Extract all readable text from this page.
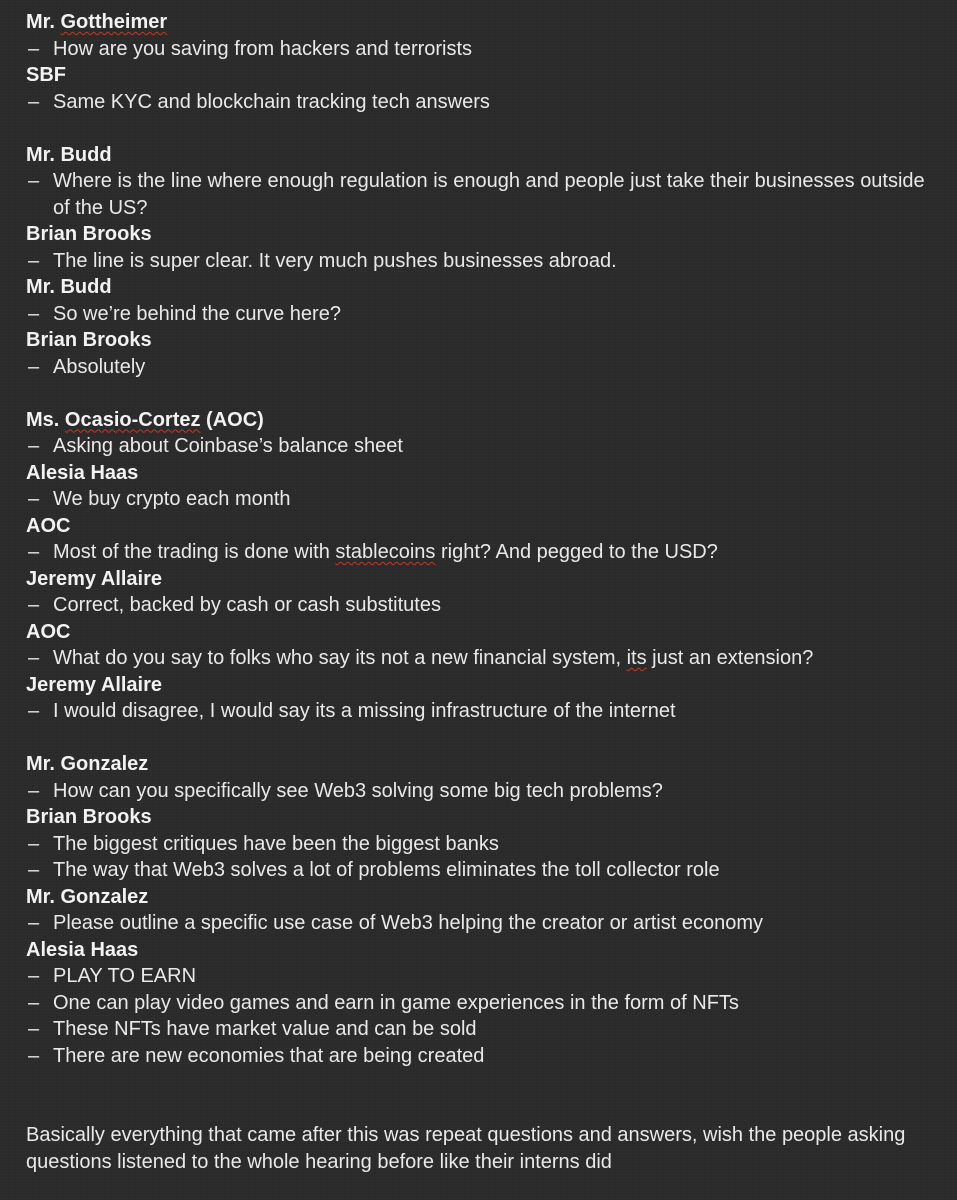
Mr. Gottheimer
– How are you saving from hackers and terrorists
SBF
– Same KYC and blockchain tracking tech answers
Mr. Budd
– Where is the line where enough regulation is enough and people just take their businesses outside of the US?
Brian Brooks
– The line is super clear. It very much pushes businesses abroad.
Mr. Budd
– So we’re behind the curve here?
Brian Brooks
– Absolutely
Ms. Ocasio-Cortez (AOC)
– Asking about Coinbase’s balance sheet
Alesia Haas
– We buy crypto each month
AOC
– Most of the trading is done with stablecoins right? And pegged to the USD?
Jeremy Allaire
– Correct, backed by cash or cash substitutes
AOC
– What do you say to folks who say its not a new financial system, its just an extension?
Jeremy Allaire
– I would disagree, I would say its a missing infrastructure of the internet
Mr. Gonzalez
– How can you specifically see Web3 solving some big tech problems?
Brian Brooks
– The biggest critiques have been the biggest banks
– The way that Web3 solves a lot of problems eliminates the toll collector role
Mr. Gonzalez
– Please outline a specific use case of Web3 helping the creator or artist economy
Alesia Haas
– PLAY TO EARN
– One can play video games and earn in game experiences in the form of NFTs
– These NFTs have market value and can be sold
– There are new economies that are being created
Basically everything that came after this was repeat questions and answers, wish the people asking questions listened to the whole hearing before like their interns did
